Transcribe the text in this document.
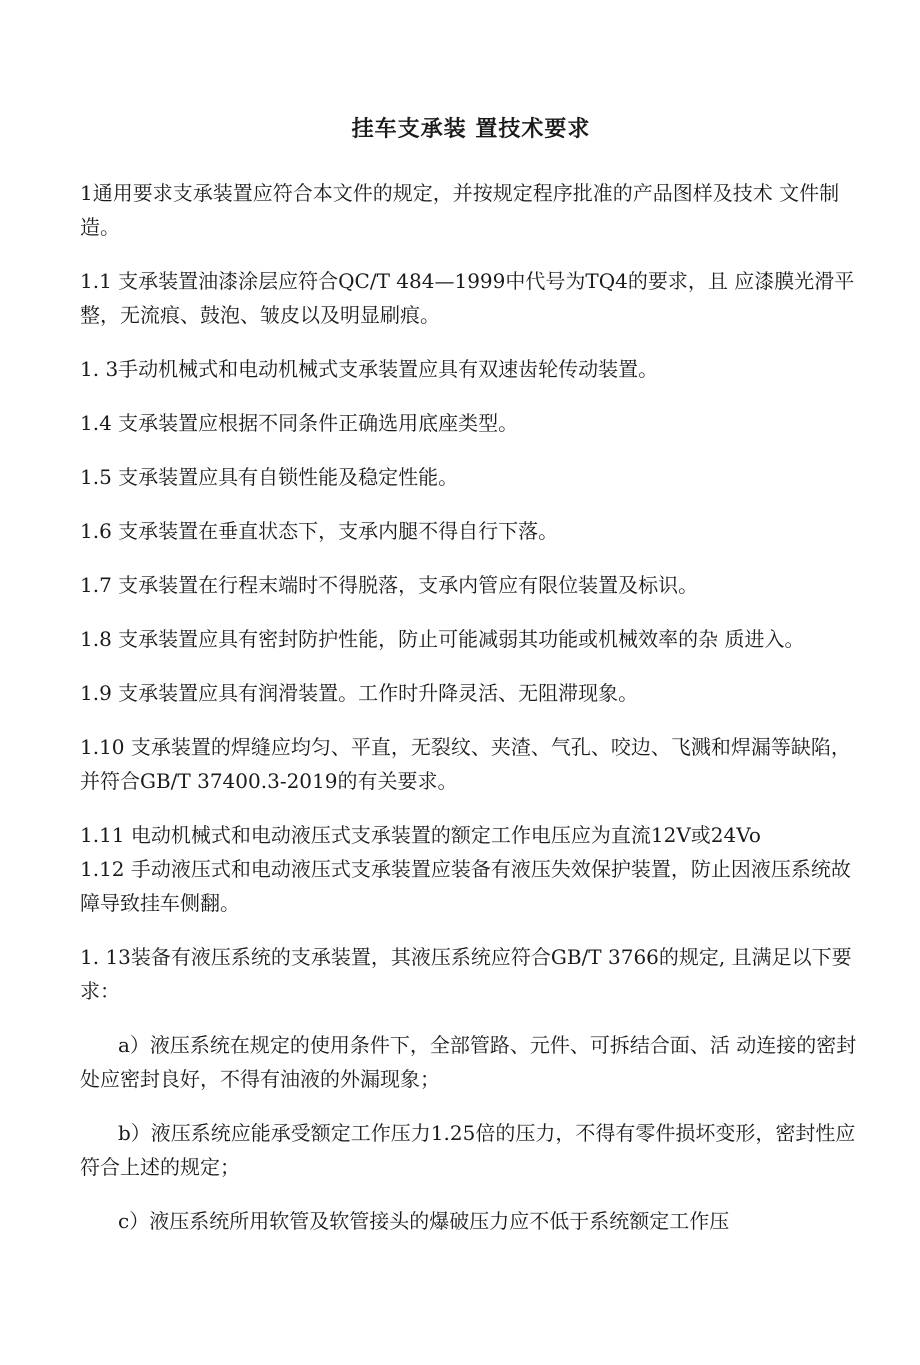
挂车支承装 置技术要求

1通用要求支承装置应符合本文件的规定，并按规定程序批准的产品图样及技术 文件制造。

1.1 支承装置油漆涂层应符合QC/T 484—1999中代号为TQ4的要求，且 应漆膜光滑平整，无流痕、鼓泡、皱皮以及明显刷痕。

1. 3手动机械式和电动机械式支承装置应具有双速齿轮传动装置。

1.4 支承装置应根据不同条件正确选用底座类型。

1.5 支承装置应具有自锁性能及稳定性能。

1.6 支承装置在垂直状态下，支承内腿不得自行下落。

1.7 支承装置在行程末端时不得脱落，支承内管应有限位装置及标识。

1.8 支承装置应具有密封防护性能，防止可能减弱其功能或机械效率的杂 质进入。

1.9 支承装置应具有润滑装置。工作时升降灵活、无阻滞现象。

1.10 支承装置的焊缝应均匀、平直，无裂纹、夹渣、气孔、咬边、飞溅和焊漏等缺陷，并符合GB/T 37400.3-2019的有关要求。

1.11 电动机械式和电动液压式支承装置的额定工作电压应为直流12V或24Vo

1.12 手动液压式和电动液压式支承装置应装备有液压失效保护装置，防止因液压系统故障导致挂车侧翻。

1. 13装备有液压系统的支承装置，其液压系统应符合GB/T 3766的规定, 且满足以下要求：

a）液压系统在规定的使用条件下，全部管路、元件、可拆结合面、活 动连接的密封处应密封良好，不得有油液的外漏现象；

b）液压系统应能承受额定工作压力1.25倍的压力，不得有零件损坏变形，密封性应符合上述的规定；

c）液压系统所用软管及软管接头的爆破压力应不低于系统额定工作压
